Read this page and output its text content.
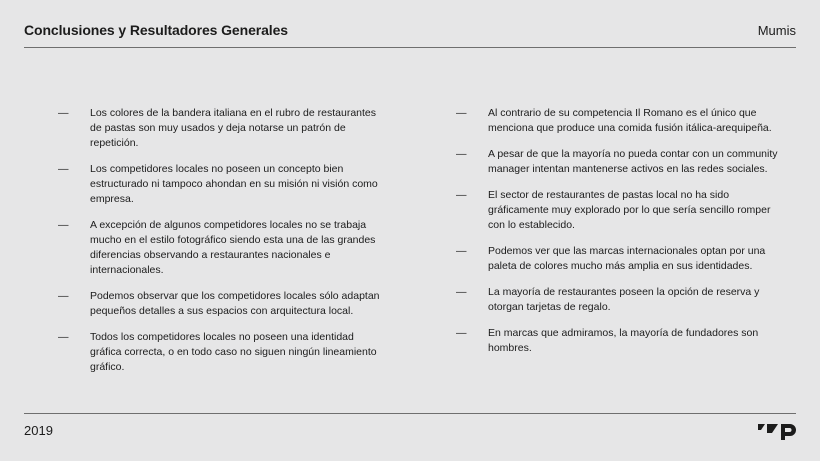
Conclusiones y Resultadores Generales	Mumis
—	Los colores de la bandera italiana en el rubro de restaurantes de pastas son muy usados y deja notarse un patrón de repetición.
—	Los competidores locales no poseen un concepto bien estructurado ni tampoco ahondan en su misión ni visión como empresa.
—	A excepción de algunos competidores locales no se trabaja mucho en el estilo fotográfico siendo esta una de las grandes diferencias observando a restaurantes nacionales e internacionales.
—	Podemos observar que los competidores locales sólo adaptan pequeños detalles a sus espacios con arquitectura local.
—	Todos los competidores locales no poseen una identidad gráfica correcta, o en todo caso no siguen ningún lineamiento gráfico.
—	Al contrario de su competencia Il Romano es el único que menciona que produce una comida fusión itálica-arequipeña.
—	A pesar de que la mayoría no pueda contar con un community manager intentan mantenerse activos en las redes sociales.
—	El sector de restaurantes de pastas local no ha sido gráficamente muy explorado por lo que sería sencillo romper con lo establecido.
—	Podemos ver que las marcas internacionales optan por una paleta de colores mucho más amplia en sus identidades.
—	La mayoría de restaurantes poseen la opción de reserva y otorgan tarjetas de regalo.
—	En marcas que admiramos, la mayoría de fundadores son hombres.
2019
